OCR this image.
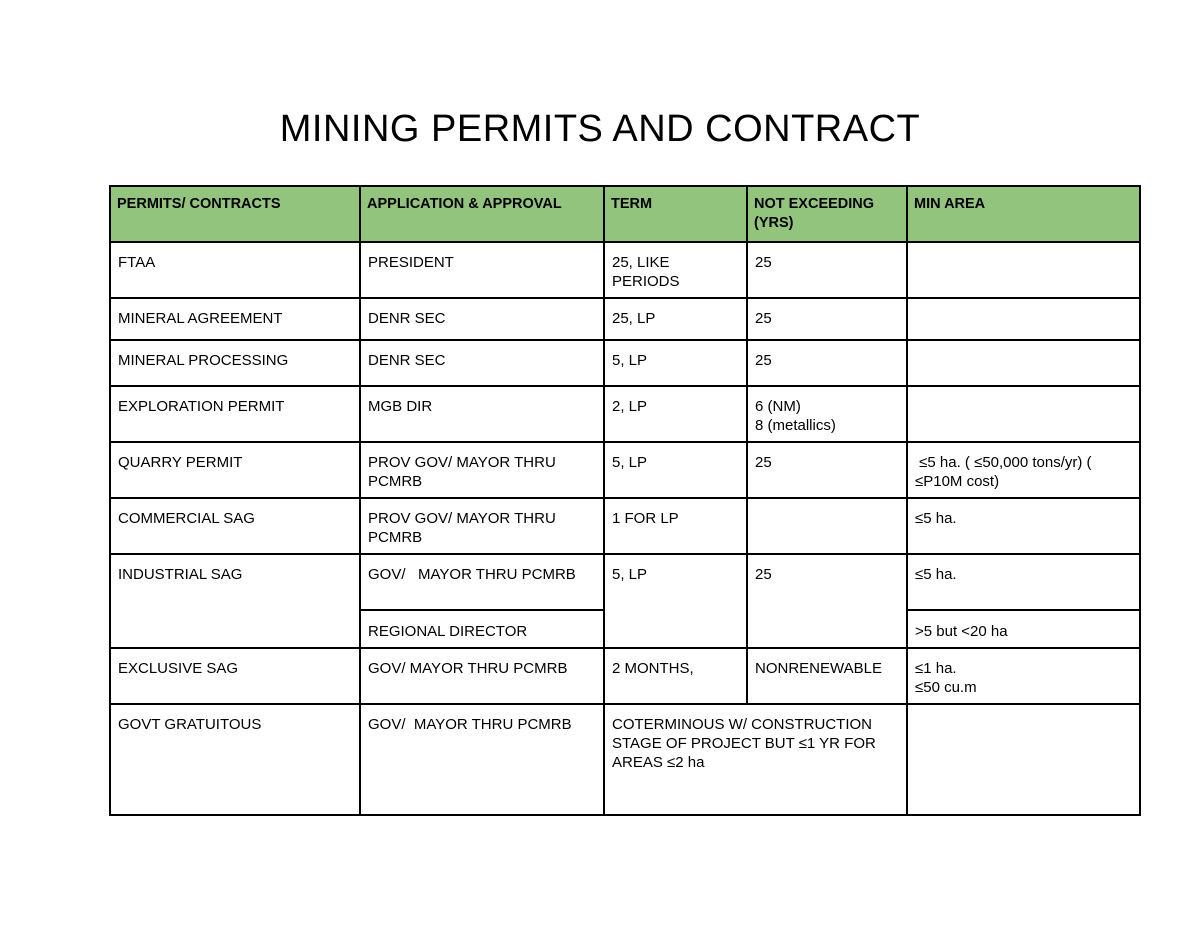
MINING PERMITS AND CONTRACT
PERMITS/ CONTRACTS	APPLICATION & APPROVAL	TERM	NOT EXCEEDING (YRS)	MIN AREA
FTAA	PRESIDENT	25, LIKE PERIODS	25	
MINERAL AGREEMENT	DENR SEC	25, LP	25	
MINERAL PROCESSING	DENR SEC	5, LP	25	
EXPLORATION PERMIT	MGB DIR	2, LP	6 (NM)
8 (metallics)	
QUARRY PERMIT	PROV GOV/ MAYOR THRU PCMRB	5, LP	25	≤5 ha. ( ≤50,000 tons/yr) ( ≤P10M cost)
COMMERCIAL SAG	PROV GOV/ MAYOR THRU PCMRB	1 FOR LP		≤5 ha.
INDUSTRIAL SAG	GOV/   MAYOR THRU PCMRB	5, LP	25	≤5 ha.
	REGIONAL DIRECTOR			>5 but <20 ha
EXCLUSIVE SAG	GOV/ MAYOR THRU PCMRB	2 MONTHS,	NONRENEWABLE	≤1 ha.
≤50 cu.m
GOVT GRATUITOUS	GOV/  MAYOR THRU PCMRB	COTERMINOUS W/ CONSTRUCTION STAGE OF PROJECT BUT ≤1 YR FOR AREAS ≤2 ha		
